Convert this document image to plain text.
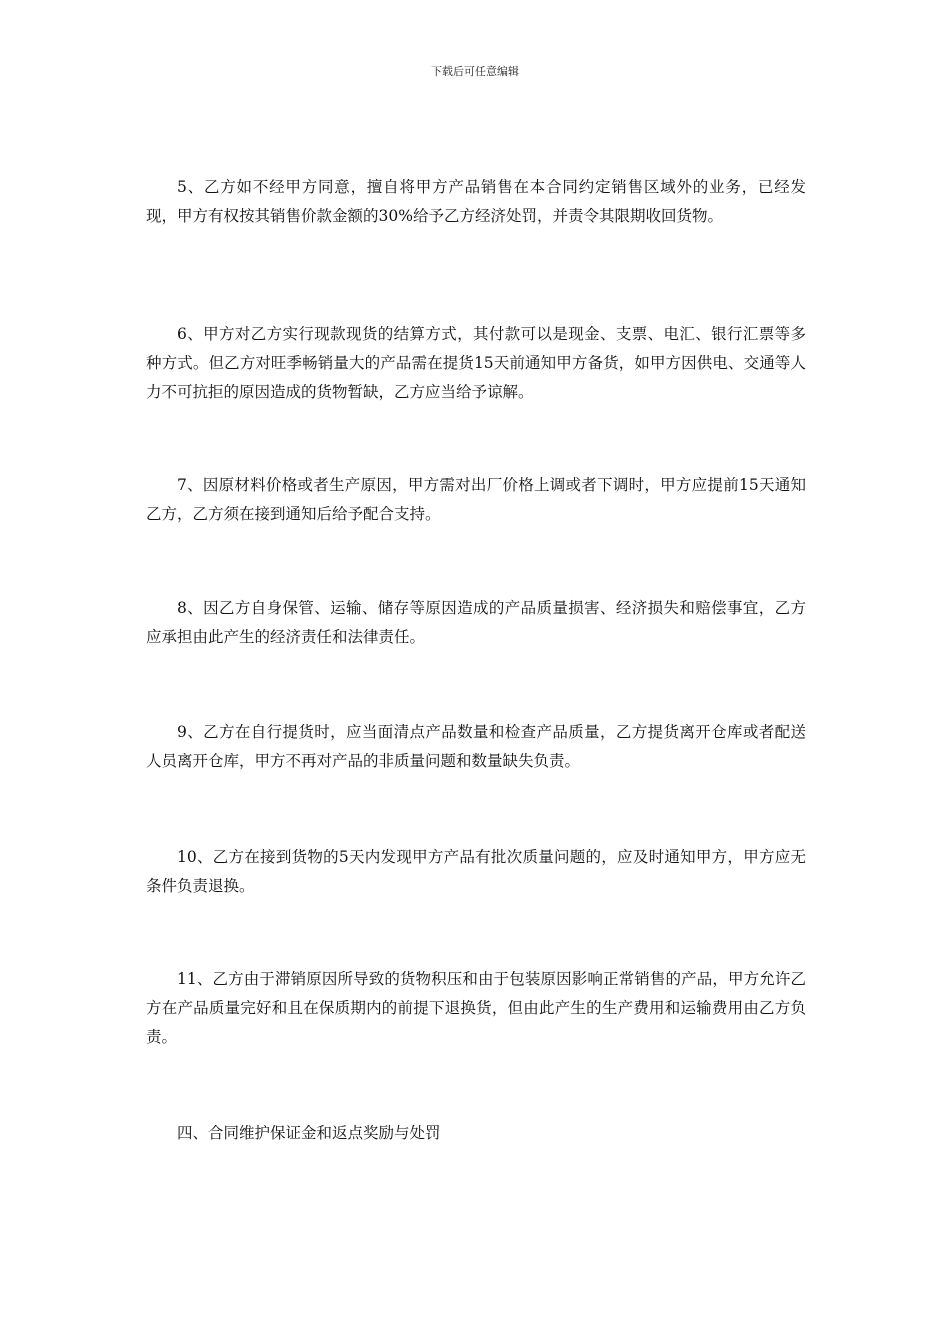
下载后可任意编辑

5、乙方如不经甲方同意，擅自将甲方产品销售在本合同约定销售区域外的业务，已经发现，甲方有权按其销售价款金额的30%给予乙方经济处罚，并责令其限期收回货物。

6、甲方对乙方实行现款现货的结算方式，其付款可以是现金、支票、电汇、银行汇票等多种方式。但乙方对旺季畅销量大的产品需在提货15天前通知甲方备货，如甲方因供电、交通等人力不可抗拒的原因造成的货物暂缺，乙方应当给予谅解。

7、因原材料价格或者生产原因，甲方需对出厂价格上调或者下调时，甲方应提前15天通知乙方，乙方须在接到通知后给予配合支持。

8、因乙方自身保管、运输、储存等原因造成的产品质量损害、经济损失和赔偿事宜，乙方应承担由此产生的经济责任和法律责任。

9、乙方在自行提货时，应当面清点产品数量和检查产品质量，乙方提货离开仓库或者配送人员离开仓库，甲方不再对产品的非质量问题和数量缺失负责。

10、乙方在接到货物的5天内发现甲方产品有批次质量问题的，应及时通知甲方，甲方应无条件负责退换。

11、乙方由于滞销原因所导致的货物积压和由于包装原因影响正常销售的产品，甲方允许乙方在产品质量完好和且在保质期内的前提下退换货，但由此产生的生产费用和运输费用由乙方负责。

四、合同维护保证金和返点奖励与处罚
